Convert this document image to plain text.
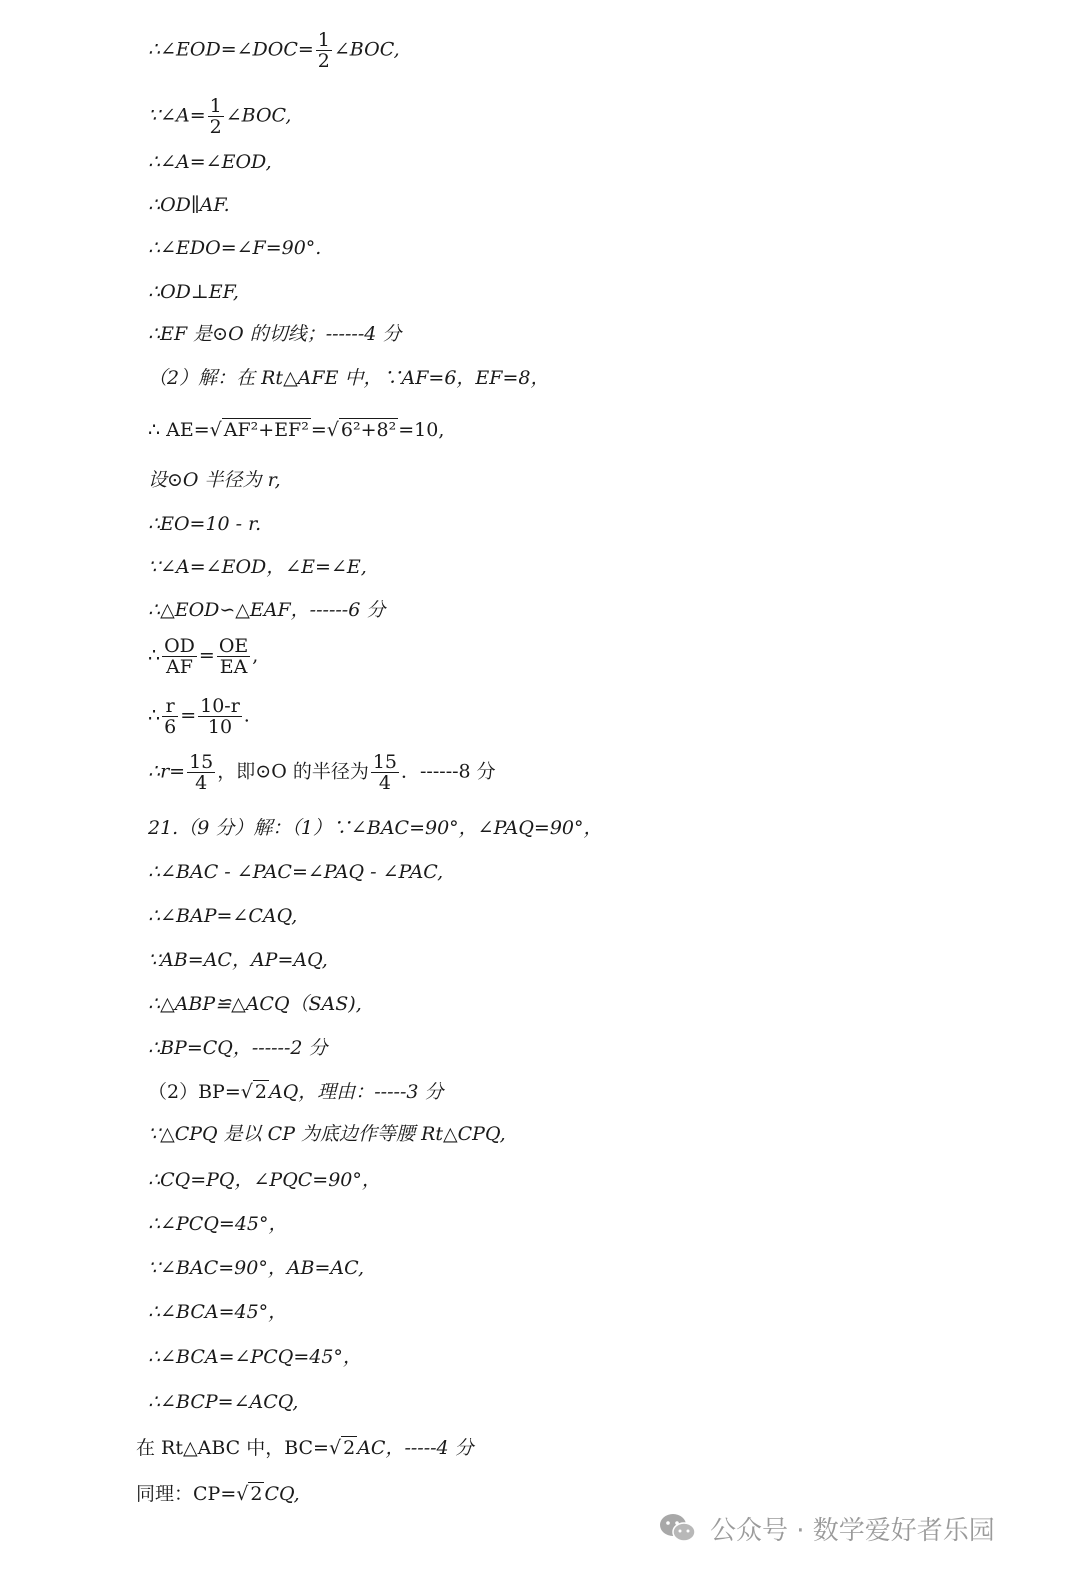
∴∠EOD=∠DOC= $\frac{1}{2}$ ∠BOC,
∵∠A= $\frac{1}{2}$ ∠BOC,
∴∠A=∠EOD,
∴OD∥AF.
∴∠EDO=∠F=90°.
∴OD⊥EF,
∴EF 是⊙O 的切线；------4 分
（2）解：在 Rt△AFE 中，∵AF=6，EF=8，
∴ AE=√ AF²+EF² =√ 6²+8² =10,
设⊙O 半径为 r,
∴EO=10 - r.
∵∠A=∠EOD，∠E=∠E,
∴△EOD∽△EAF，------6 分
∴ $\frac{OD}{AF} = \frac{OE}{EA}$ ,
∴ $\frac{r}{6} = \frac{10-r}{10}$ .
∴r= $\frac{15}{4}$ ，即⊙O 的半径为 $\frac{15}{4}$ ．------8 分
21.（9 分）解：（1）∵∠BAC=90°，∠PAQ=90°，
∴∠BAC - ∠PAC=∠PAQ - ∠PAC,
∴∠BAP=∠CAQ,
∵AB=AC，AP=AQ,
∴△ABP≌△ACQ（SAS),
∴BP=CQ，------2 分
（2）BP=√ 2 AQ，理由：-----3 分
∵△CPQ 是以 CP 为底边作等腰 Rt△CPQ,
∴CQ=PQ，∠PQC=90°，
∴∠PCQ=45°，
∵∠BAC=90°，AB=AC,
∴∠BCA=45°，
∴∠BCA=∠PCQ=45°，
∴∠BCP=∠ACQ,
在 Rt△ABC 中，BC=√ 2 AC，-----4 分
同理：CP=√ 2 CQ,
公众号 · 数学爱好者乐园
